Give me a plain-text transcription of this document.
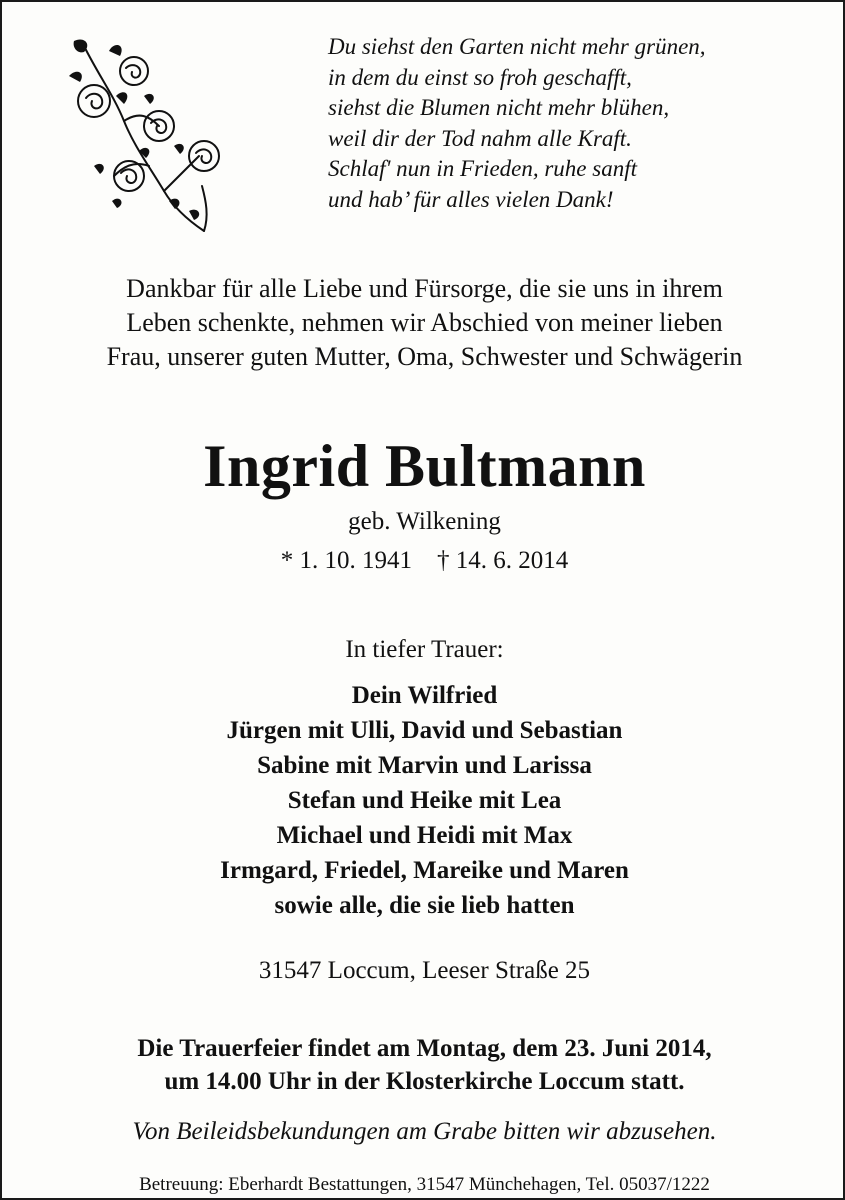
Du siehst den Garten nicht mehr grünen,
in dem du einst so froh geschafft,
siehst die Blumen nicht mehr blühen,
weil dir der Tod nahm alle Kraft.
Schlaf' nun in Frieden, ruhe sanft
und hab’ für alles vielen Dank!
Dankbar für alle Liebe und Fürsorge, die sie uns in ihrem
Leben schenkte, nehmen wir Abschied von meiner lieben
Frau, unserer guten Mutter, Oma, Schwester und Schwägerin
Ingrid Bultmann
geb. Wilkening
* 1. 10. 1941 † 14. 6. 2014
In tiefer Trauer:
Dein Wilfried
Jürgen mit Ulli, David und Sebastian
Sabine mit Marvin und Larissa
Stefan und Heike mit Lea
Michael und Heidi mit Max
Irmgard, Friedel, Mareike und Maren
sowie alle, die sie lieb hatten
31547 Loccum, Leeser Straße 25
Die Trauerfeier findet am Montag, dem 23. Juni 2014,
um 14.00 Uhr in der Klosterkirche Loccum statt.
Von Beileidsbekundungen am Grabe bitten wir abzusehen.
Betreuung: Eberhardt Bestattungen, 31547 Münchehagen, Tel. 05037/1222
